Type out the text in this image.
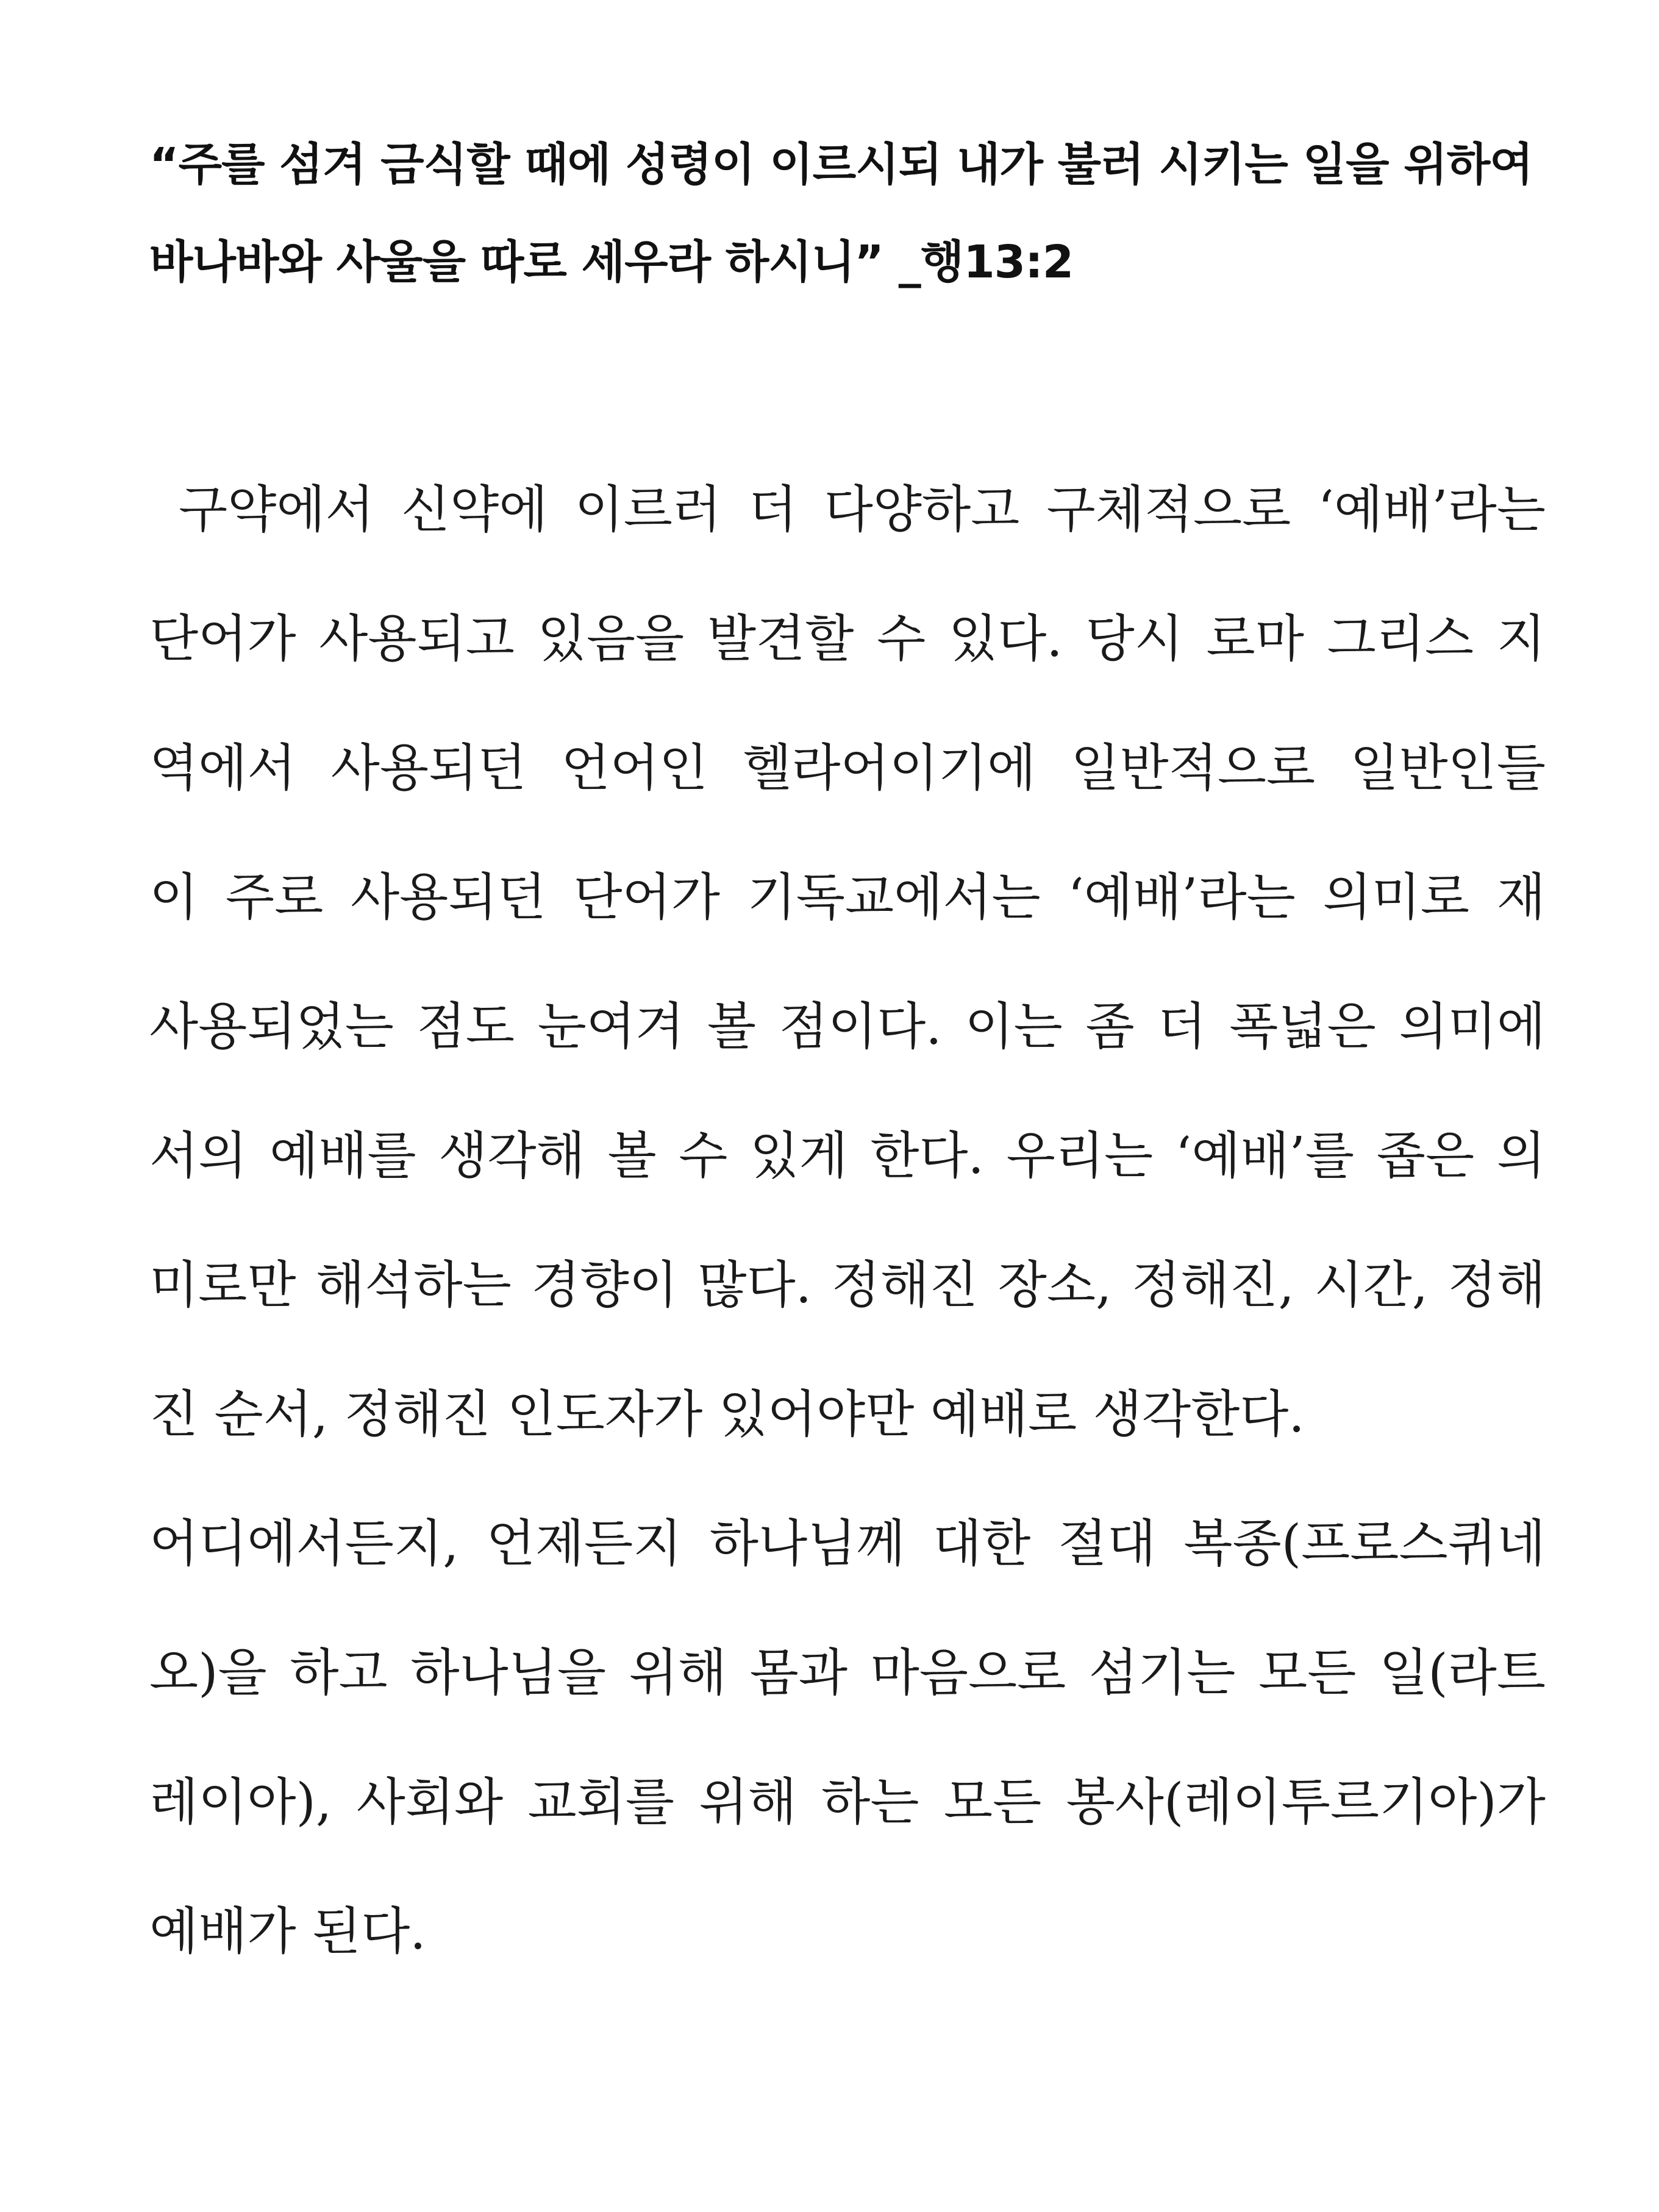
“주를 섬겨 금식할 때에 성령이 이르시되 내가 불러 시키는 일을 위하여
바나바와 사울을 따로 세우라 하시니” _행13:2
구약에서 신약에 이르러 더 다양하고 구체적으로 ‘예배’라는
단어가 사용되고 있음을 발견할 수 있다. 당시 로마 그리스 지
역에서 사용되던 언어인 헬라어이기에 일반적으로 일반인들
이 주로 사용되던 단어가 기독교에서는 ‘예배’라는 의미로 재
사용되었는 점도 눈여겨 볼 점이다. 이는 좀 더 폭넓은 의미에
서의 예배를 생각해 볼 수 있게 한다. 우리는 ‘예배’를 좁은 의
미로만 해석하는 경향이 많다. 정해진 장소, 정해진, 시간, 정해
진 순서, 정해진 인도자가 있어야만 예배로 생각한다.
어디에서든지, 언제든지 하나님께 대한 절대 복종(프로스퀴네
오)을 하고 하나님을 위해 몸과 마음으로 섬기는 모든 일(라트
레이아), 사회와 교회를 위해 하는 모든 봉사(레이투르기아)가
예배가 된다.
